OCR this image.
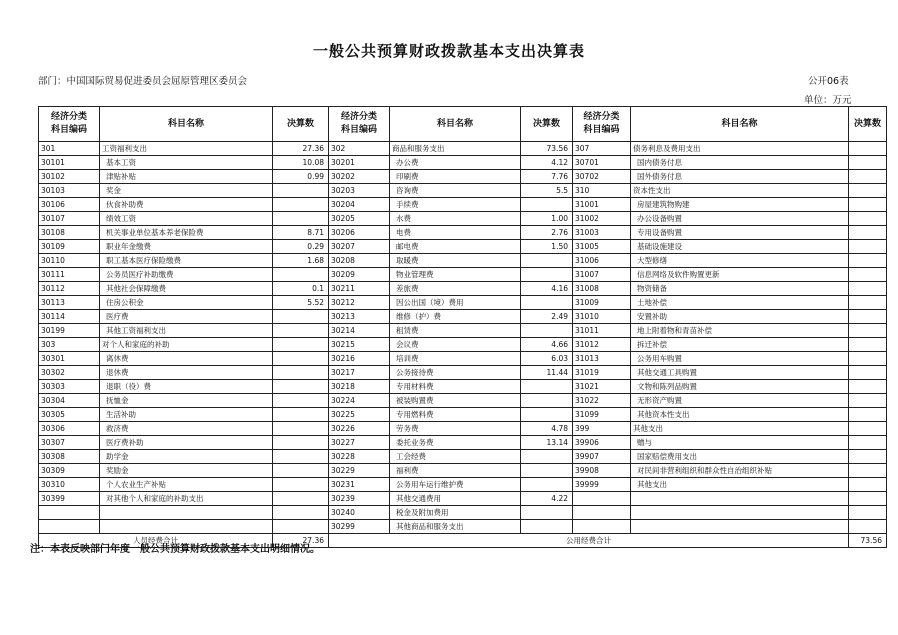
一般公共预算财政拨款基本支出决算表
部门：中国国际贸易促进委员会屈原管理区委员会	公开06表
单位：万元
经济分类
科目编码	科目名称	决算数	经济分类
科目编码	科目名称	决算数	经济分类
科目编码	科目名称	决算数
301	工资福利支出	27.36	302	商品和服务支出	73.56	307	债务利息及费用支出	
30101	基本工资	10.08	30201	办公费	4.12	30701	国内债务付息	
30102	津贴补贴	0.99	30202	印刷费	7.76	30702	国外债务付息	
30103	奖金		30203	咨询费	5.5	310	资本性支出	
30106	伙食补助费		30204	手续费		31001	房屋建筑物购建	
30107	绩效工资		30205	水费	1.00	31002	办公设备购置	
30108	机关事业单位基本养老保险费	8.71	30206	电费	2.76	31003	专用设备购置	
30109	职业年金缴费	0.29	30207	邮电费	1.50	31005	基础设施建设	
30110	职工基本医疗保险缴费	1.68	30208	取暖费		31006	大型修缮	
30111	公务员医疗补助缴费		30209	物业管理费		31007	信息网络及软件购置更新	
30112	其他社会保障缴费	0.1	30211	差旅费	4.16	31008	物资储备	
30113	住房公积金	5.52	30212	因公出国（境）费用		31009	土地补偿	
30114	医疗费		30213	维修（护）费	2.49	31010	安置补助	
30199	其他工资福利支出		30214	租赁费		31011	地上附着物和青苗补偿	
303	对个人和家庭的补助		30215	会议费	4.66	31012	拆迁补偿	
30301	离休费		30216	培训费	6.03	31013	公务用车购置	
30302	退休费		30217	公务接待费	11.44	31019	其他交通工具购置	
30303	退职（役）费		30218	专用材料费		31021	文物和陈列品购置	
30304	抚恤金		30224	被装购置费		31022	无形资产购置	
30305	生活补助		30225	专用燃料费		31099	其他资本性支出	
30306	救济费		30226	劳务费	4.78	399	其他支出	
30307	医疗费补助		30227	委托业务费	13.14	39906	赠与	
30308	助学金		30228	工会经费		39907	国家赔偿费用支出	
30309	奖励金		30229	福利费		39908	对民间非营利组织和群众性自治组织补贴	
30310	个人农业生产补贴		30231	公务用车运行维护费		39999	其他支出	
30399	对其他个人和家庭的补助支出		30239	其他交通费用	4.22			
			30240	税金及附加费用				
			30299	其他商品和服务支出				
人员经费合计		27.36	公用经费合计					73.56
注：本表反映部门年度一般公共预算财政拨款基本支出明细情况。
